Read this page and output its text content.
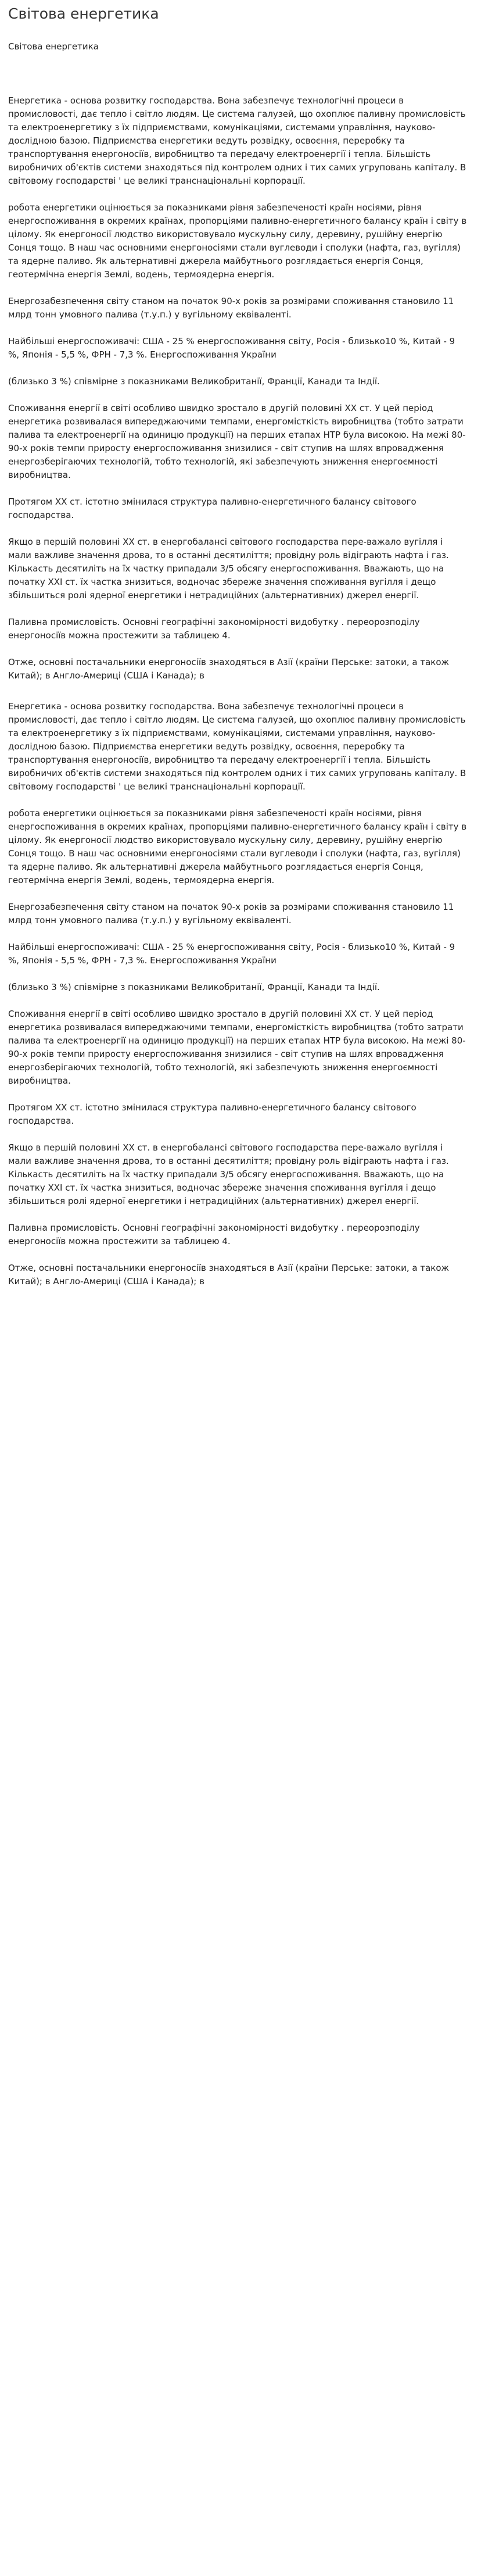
Світова енергетика
Світова енергетика

Енергетика - основа розвитку господарства. Вона забезпечує технологічні процеси в промисловості, дає тепло і світло людям. Це система галузей, що охоплює паливну промисловість та електроенергетику з їх підприємствами, комунікаціями, системами управління, науково-дослідною базою. Підприємства енергетики ведуть розвідку, освоєння, переробку та транспортування енергоносіїв, виробництво та передачу електроенергії і тепла. Більшість виробничих об'єктів системи знаходяться під контролем одних і тих самих угруповань капіталу. В світовому господарстві ' це великі транснаціональні корпорації.

робота енергетики оцінюється за показниками рівня забезпеченості країн носіями, рівня енергоспоживання в окремих країнах, пропорціями паливно-енергетичного балансу країн і світу в цілому. Як енергоносії людство використовувало мускульну силу, деревину, рушійну енергію Сонця тощо. В наш час основними енергоносіями стали вуглеводи і сполуки (нафта, газ, вугілля) та ядерне паливо. Як альтернативні джерела майбутнього розглядається енергія Сонця, геотермічна енергія Землі, водень, термоядерна енергія.

Енергозабезпечення світу станом на початок 90-х років за розмірами споживання становило 11 млрд тонн умовного палива (т.у.п.) у вугільному еквіваленті.

Найбільші енергоспоживачі: США - 25 % енергоспоживання світу, Росія - близько10 %, Китай - 9 %, Японія - 5,5 %, ФРН - 7,3 %. Енергоспоживання України

(близько 3 %) співмірне з показниками Великобританії, Франції, Канади та Індії.

Споживання енергії в світі особливо швидко зростало в другій половині XX ст. У цей період енергетика розвивалася випереджаючими темпами, енергомісткість виробництва (тобто затрати палива та електроенергії на одиницю продукції) на перших етапах НТР була високою. На межі 80-90-х років темпи приросту енергоспоживання знизилися - світ ступив на шлях впровадження енергозберігаючих технологій, тобто технологій, які забезпечують зниження енергоємності виробництва.

Протягом XX ст. істотно змінилася структура паливно-енергетичного балансу світового господарства.

Якщо в першій половині XX ст. в енергобалансі світового господарства пере-важало вугілля і мали важливе значення дрова, то в останні десятиліття; провідну роль відіграють нафта і газ. Кількасть десятиліть на їх частку припадали 3/5 обсягу енергоспоживання. Вважають, що на початку XXI ст. їх частка знизиться, водночас збереже значення споживання вугілля і дещо збільшиться ролі ядерної енергетики і нетрадиційних (альтернативних) джерел енергії.

Паливна промисловість. Основні географічні закономірності видобутку . переорозподілу енергоносіїв можна простежити за таблицею 4.

Отже, основні постачальники енергоносіїв знаходяться в Азії (країни Перське: затоки, а також Китай); в Англо-Америці (США і Канада); в

Енергетика - основа розвитку господарства. Вона забезпечує технологічні процеси в промисловості, дає тепло і світло людям. Це система галузей, що охоплює паливну промисловість та електроенергетику з їх підприємствами, комунікаціями, системами управління, науково-дослідною базою. Підприємства енергетики ведуть розвідку, освоєння, переробку та транспортування енергоносіїв, виробництво та передачу електроенергії і тепла. Більшість виробничих об'єктів системи знаходяться під контролем одних і тих самих угруповань капіталу. В світовому господарстві ' це великі транснаціональні корпорації.

робота енергетики оцінюється за показниками рівня забезпеченості країн носіями, рівня енергоспоживання в окремих країнах, пропорціями паливно-енергетичного балансу країн і світу в цілому. Як енергоносії людство використовувало мускульну силу, деревину, рушійну енергію Сонця тощо. В наш час основними енергоносіями стали вуглеводи і сполуки (нафта, газ, вугілля) та ядерне паливо. Як альтернативні джерела майбутнього розглядається енергія Сонця, геотермічна енергія Землі, водень, термоядерна енергія.

Енергозабезпечення світу станом на початок 90-х років за розмірами споживання становило 11 млрд тонн умовного палива (т.у.п.) у вугільному еквіваленті.

Найбільші енергоспоживачі: США - 25 % енергоспоживання світу, Росія - близько10 %, Китай - 9 %, Японія - 5,5 %, ФРН - 7,3 %. Енергоспоживання України

(близько 3 %) співмірне з показниками Великобританії, Франції, Канади та Індії.

Споживання енергії в світі особливо швидко зростало в другій половині XX ст. У цей період енергетика розвивалася випереджаючими темпами, енергомісткість виробництва (тобто затрати палива та електроенергії на одиницю продукції) на перших етапах НТР була високою. На межі 80-90-х років темпи приросту енергоспоживання знизилися - світ ступив на шлях впровадження енергозберігаючих технологій, тобто технологій, які забезпечують зниження енергоємності виробництва.

Протягом XX ст. істотно змінилася структура паливно-енергетичного балансу світового господарства.

Якщо в першій половині XX ст. в енергобалансі світового господарства пере-важало вугілля і мали важливе значення дрова, то в останні десятиліття; провідну роль відіграють нафта і газ. Кількасть десятиліть на їх частку припадали 3/5 обсягу енергоспоживання. Вважають, що на початку XXI ст. їх частка знизиться, водночас збереже значення споживання вугілля і дещо збільшиться ролі ядерної енергетики і нетрадиційних (альтернативних) джерел енергії.

Паливна промисловість. Основні географічні закономірності видобутку . переорозподілу енергоносіїв можна простежити за таблицею 4.

Отже, основні постачальники енергоносіїв знаходяться в Азії (країни Перське: затоки, а також Китай); в Англо-Америці (США і Канада); в
